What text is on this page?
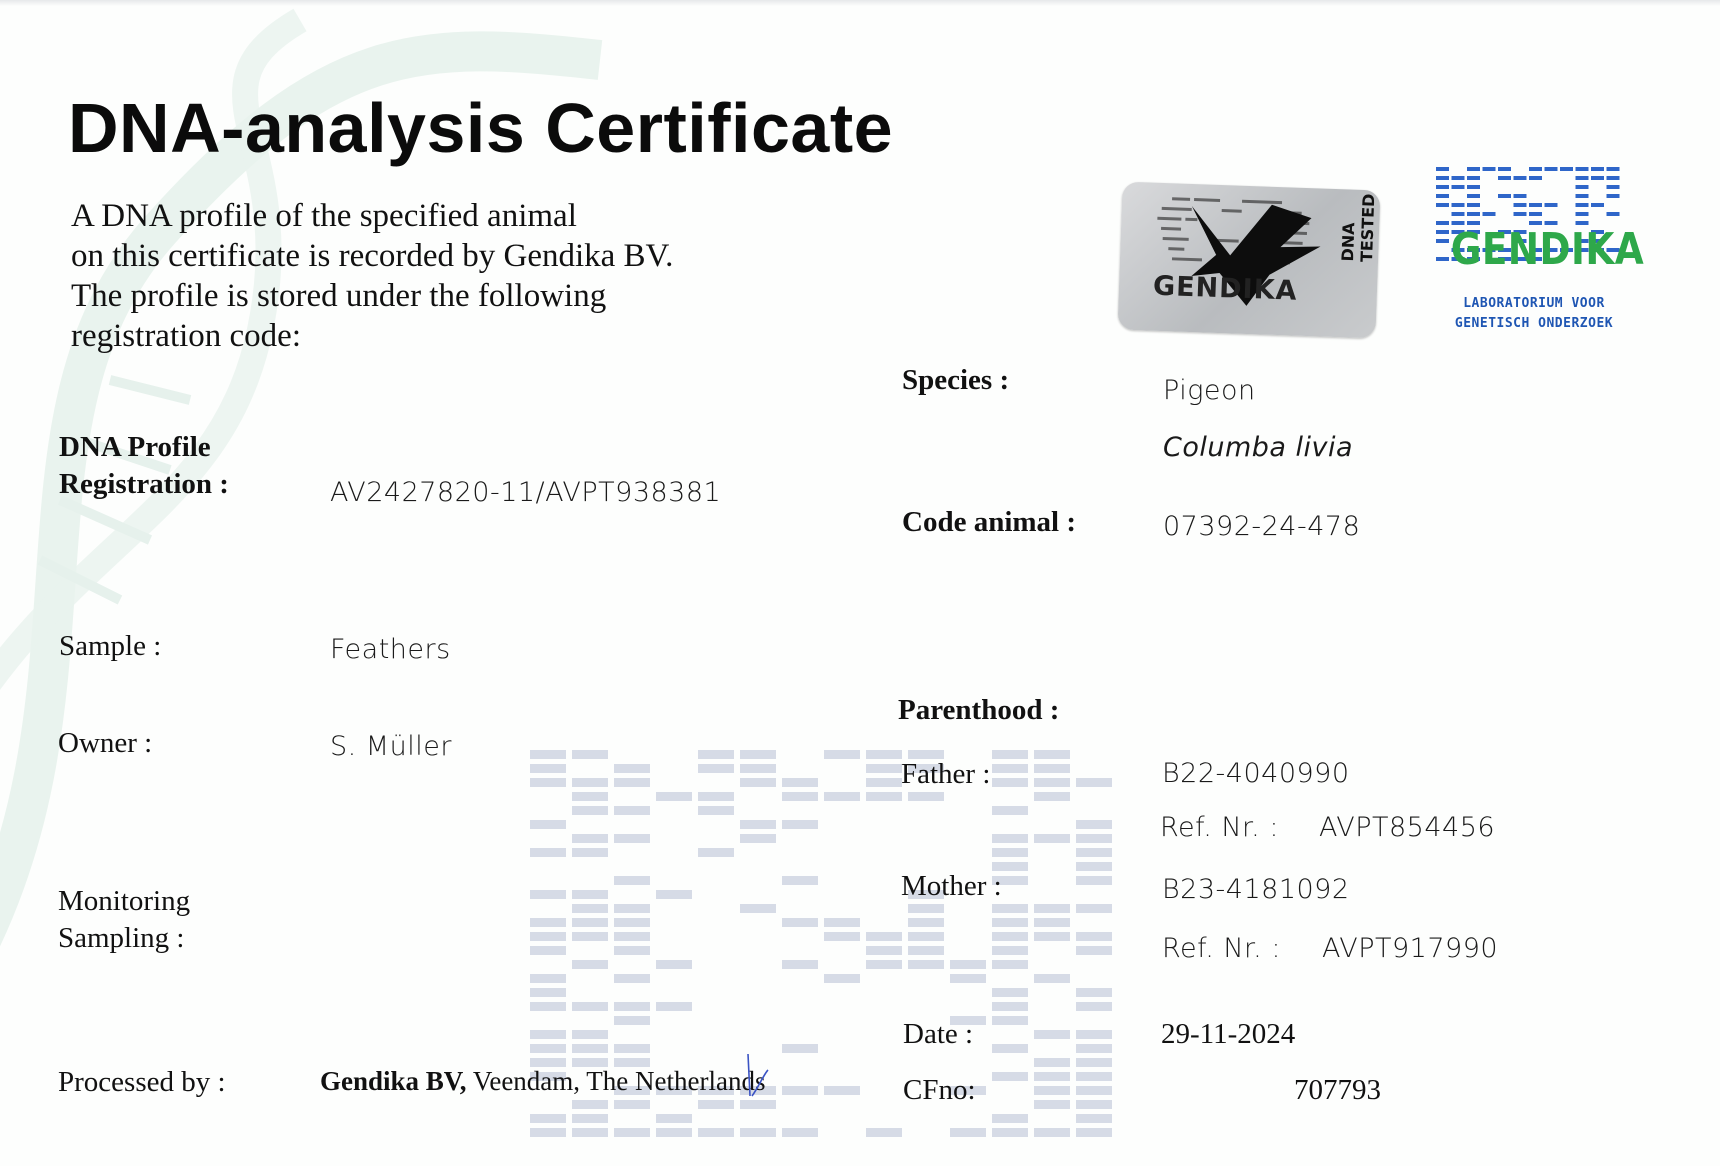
DNA-analysis Certificate
A DNA profile of the specified animal
on this certificate is recorded by Gendika BV.
The profile is stored under the following
registration code:
GENDIKA
DNA TESTED GENDIKA
LABORATORIUM VOOR
GENETISCH ONDERZOEK
DNA Profile
Registration :	AV2427820-11/AVPT938381
Sample :	Feathers
Owner :	S. Müller
Monitoring
Sampling :
Processed by :	Gendika BV, Veendam, The Netherlands
Species :	Pigeon
Columba livia
Code animal :	07392-24-478
Parenthood :
Father :	B22-4040990
Ref. Nr. : AVPT854456
Mother :	B23-4181092
Ref. Nr. : AVPT917990
Date :	29-11-2024
CFno:	707793
